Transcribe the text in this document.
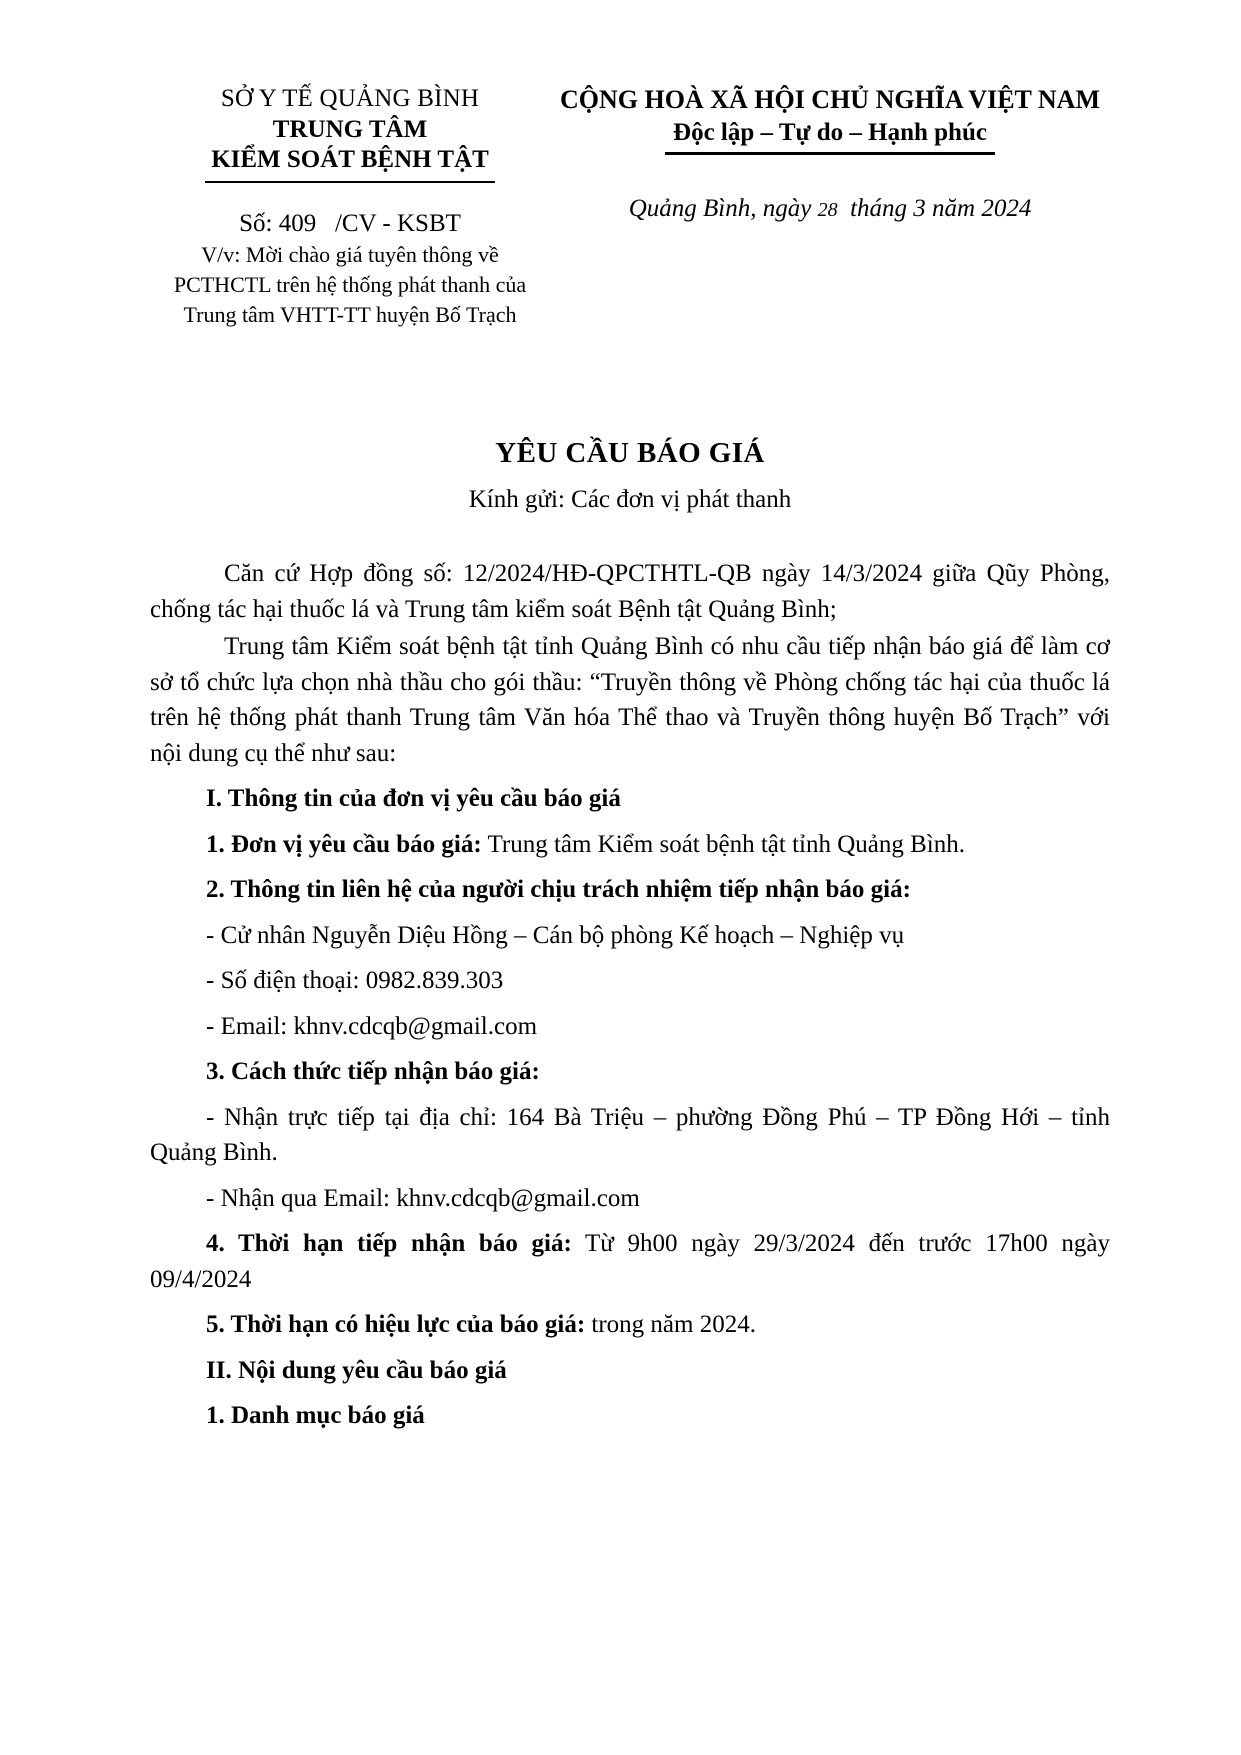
SỞ Y TẾ QUẢNG BÌNH
TRUNG TÂM
KIỂM SOÁT BỆNH TẬT
Số: 409   /CV - KSBT
V/v: Mời chào giá tuyên thông về
PCTHCTL trên hệ thống phát thanh của
Trung tâm VHTT-TT huyện Bố Trạch
CỘNG HOÀ XÃ HỘI CHỦ NGHĨA VIỆT NAM
Độc lập – Tự do – Hạnh phúc
Quảng Bình, ngày 28  tháng 3 năm 2024
YÊU CẦU BÁO GIÁ
Kính gửi: Các đơn vị phát thanh

Căn cứ Hợp đồng số: 12/2024/HĐ-QPCTHTL-QB ngày 14/3/2024 giữa Qũy Phòng, chống tác hại thuốc lá và Trung tâm kiểm soát Bệnh tật Quảng Bình;

Trung tâm Kiểm soát bệnh tật tỉnh Quảng Bình có nhu cầu tiếp nhận báo giá để làm cơ sở tổ chức lựa chọn nhà thầu cho gói thầu: “Truyền thông về Phòng chống tác hại của thuốc lá trên hệ thống phát thanh Trung tâm Văn hóa Thể thao và Truyền thông huyện Bố Trạch” với nội dung cụ thể như sau:

I. Thông tin của đơn vị yêu cầu báo giá

1. Đơn vị yêu cầu báo giá: Trung tâm Kiểm soát bệnh tật tỉnh Quảng Bình.

2. Thông tin liên hệ của người chịu trách nhiệm tiếp nhận báo giá:

- Cử nhân Nguyễn Diệu Hồng – Cán bộ phòng Kế hoạch – Nghiệp vụ

- Số điện thoại: 0982.839.303

- Email: khnv.cdcqb@gmail.com

3. Cách thức tiếp nhận báo giá:

- Nhận trực tiếp tại địa chỉ: 164 Bà Triệu – phường Đồng Phú – TP Đồng Hới – tỉnh Quảng Bình.

- Nhận qua Email: khnv.cdcqb@gmail.com

4. Thời hạn tiếp nhận báo giá: Từ 9h00 ngày 29/3/2024 đến trước 17h00 ngày 09/4/2024

5. Thời hạn có hiệu lực của báo giá: trong năm 2024.

II. Nội dung yêu cầu báo giá

1. Danh mục báo giá
